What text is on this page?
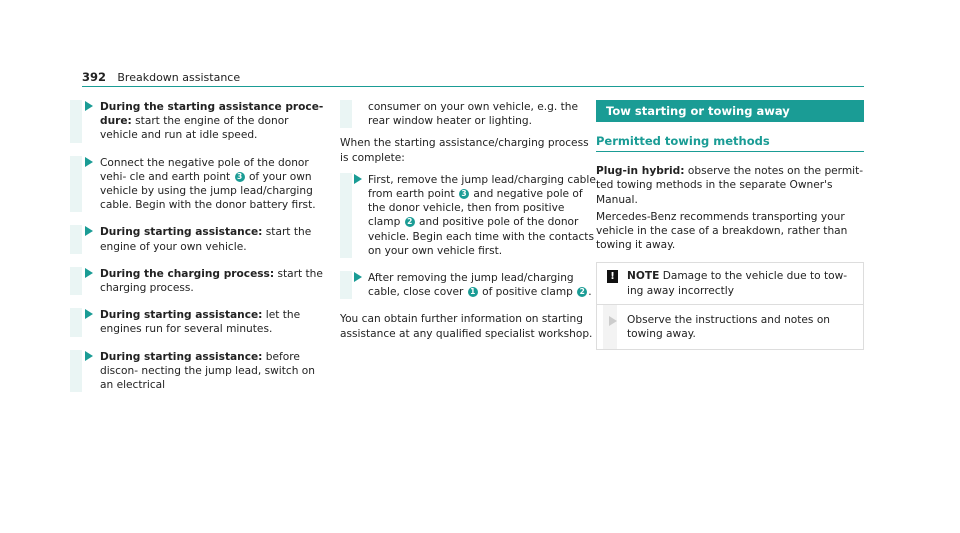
392 Breakdown assistance
During the starting assistance proce- dure: start the engine of the donor vehicle and run at idle speed.
Connect the negative pole of the donor vehi- cle and earth point 3 of your own vehicle by using the jump lead/charging cable. Begin with the donor battery first.
During starting assistance: start the engine of your own vehicle.
During the charging process: start the charging process.
During starting assistance: let the engines run for several minutes.
During starting assistance: before discon- necting the jump lead, switch on an electrical
consumer on your own vehicle, e.g. the rear window heater or lighting.
When the starting assistance/charging process is complete:
First, remove the jump lead/charging cable from earth point 3 and negative pole of the donor vehicle, then from positive clamp 2 and positive pole of the donor vehicle. Begin each time with the contacts on your own vehicle first.
After removing the jump lead/charging cable, close cover 1 of positive clamp 2 .
You can obtain further information on starting assistance at any qualified specialist workshop.
Tow starting or towing away
Permitted towing methods
Plug-in hybrid: observe the notes on the permit- ted towing methods in the separate Owner's Manual.
Mercedes-Benz recommends transporting your vehicle in the case of a breakdown, rather than towing it away.
!	NOTE Damage to the vehicle due to tow- ing away incorrectly
Observe the instructions and notes on towing away.
